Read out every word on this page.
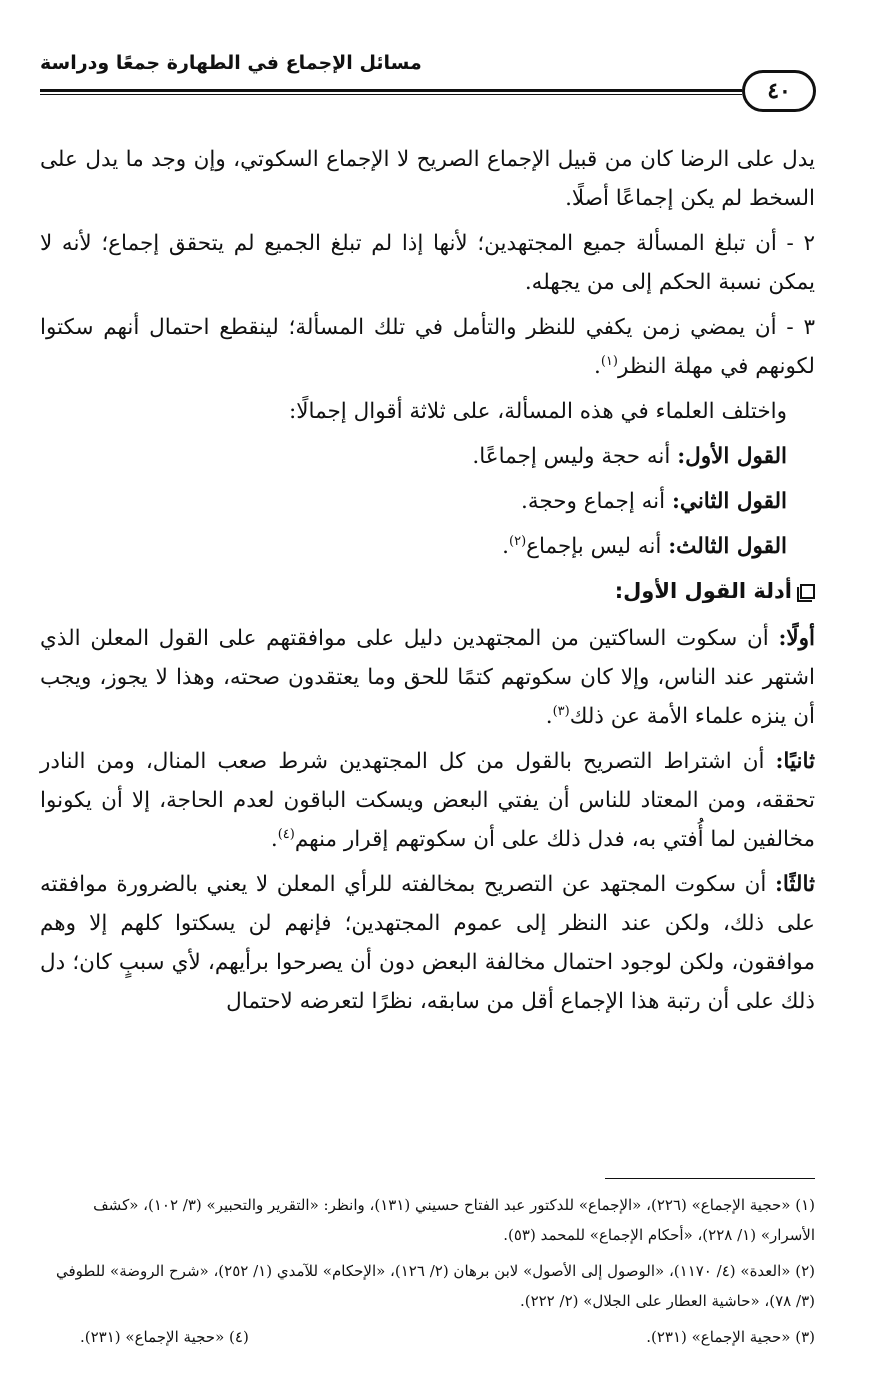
مسائل الإجماع في الطهارة جمعًا ودراسة
٤٠

يدل على الرضا كان من قبيل الإجماع الصريح لا الإجماع السكوتي، وإن وجد ما يدل على السخط لم يكن إجماعًا أصلًا.

٢ - أن تبلغ المسألة جميع المجتهدين؛ لأنها إذا لم تبلغ الجميع لم يتحقق إجماع؛ لأنه لا يمكن نسبة الحكم إلى من يجهله.

٣ - أن يمضي زمن يكفي للنظر والتأمل في تلك المسألة؛ لينقطع احتمال أنهم سكتوا لكونهم في مهلة النظر$^{(١)}$.

واختلف العلماء في هذه المسألة، على ثلاثة أقوال إجمالًا:

القول الأول: أنه حجة وليس إجماعًا.

القول الثاني: أنه إجماع وحجة.

القول الثالث: أنه ليس بإجماع$^{(٢)}$.

أدلة القول الأول:

أولًا: أن سكوت الساكتين من المجتهدين دليل على موافقتهم على القول المعلن الذي اشتهر عند الناس، وإلا كان سكوتهم كتمًا للحق وما يعتقدون صحته، وهذا لا يجوز، ويجب أن ينزه علماء الأمة عن ذلك$^{(٣)}$.

ثانيًا: أن اشتراط التصريح بالقول من كل المجتهدين شرط صعب المنال، ومن النادر تحققه، ومن المعتاد للناس أن يفتي البعض ويسكت الباقون لعدم الحاجة، إلا أن يكونوا مخالفين لما أُفتي به، فدل ذلك على أن سكوتهم إقرار منهم$^{(٤)}$.

ثالثًا: أن سكوت المجتهد عن التصريح بمخالفته للرأي المعلن لا يعني بالضرورة موافقته على ذلك، ولكن عند النظر إلى عموم المجتهدين؛ فإنهم لن يسكتوا كلهم إلا وهم موافقون، ولكن لوجود احتمال مخالفة البعض دون أن يصرحوا برأيهم، لأي سببٍ كان؛ دل ذلك على أن رتبة هذا الإجماع أقل من سابقه، نظرًا لتعرضه لاحتمال

(١) «حجية الإجماع» (٢٢٦)، «الإجماع» للدكتور عبد الفتاح حسيني (١٣١)، وانظر: «التقرير والتحبير» (٣/ ١٠٢)، «كشف الأسرار» (١/ ٢٢٨)، «أحكام الإجماع» للمحمد (٥٣).

(٢) «العدة» (٤/ ١١٧٠)، «الوصول إلى الأصول» لابن برهان (٢/ ١٢٦)، «الإحكام» للآمدي (١/ ٢٥٢)، «شرح الروضة» للطوفي (٣/ ٧٨)، «حاشية العطار على الجلال» (٢/ ٢٢٢).

(٣) «حجية الإجماع» (٢٣١).
(٤) «حجية الإجماع» (٢٣١).
